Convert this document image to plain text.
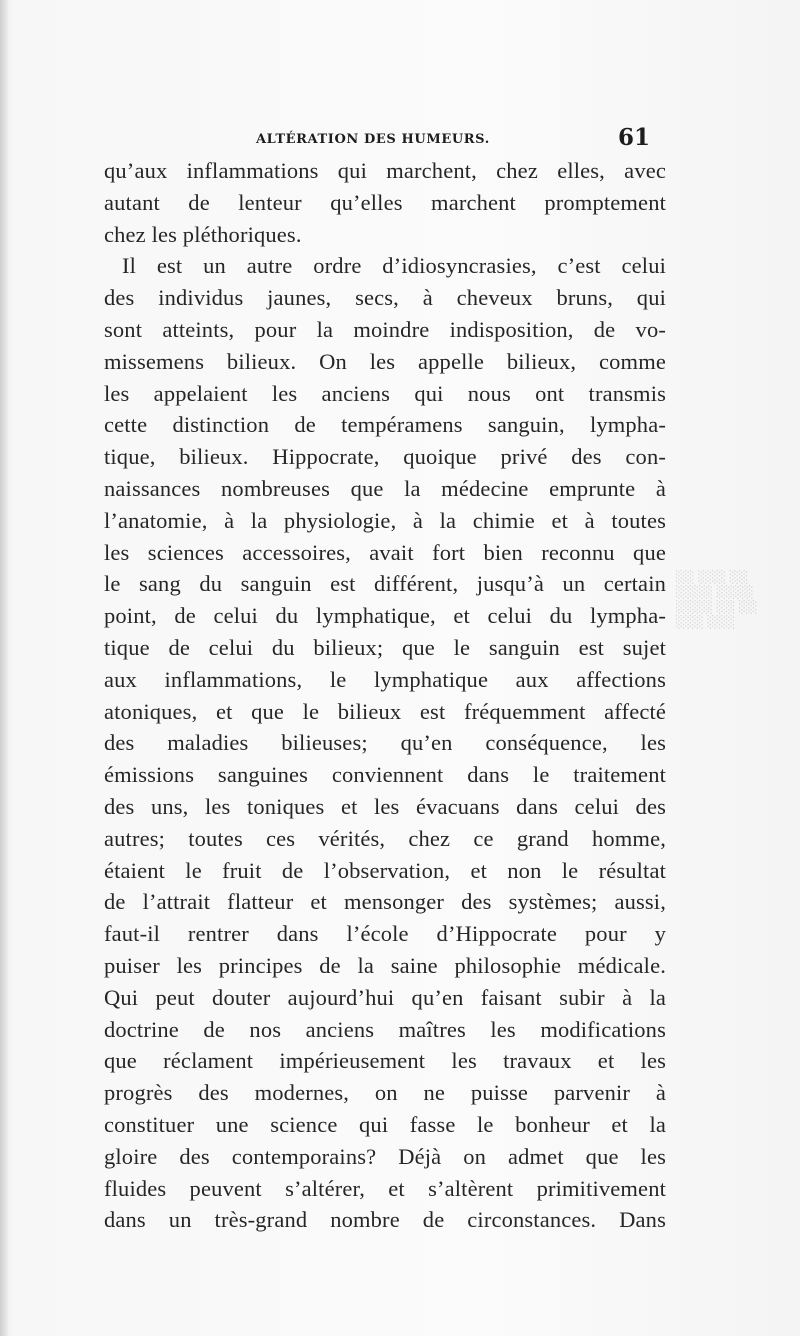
░░ ░░░ ░░
░░░░ ░░░░
░░░░ ░░ ░░
░░░ ░░░
ALTÉRATION DES HUMEURS.	61
qu’aux inflammations qui marchent, chez elles, avec
autant de lenteur qu’elles marchent promptement
chez les pléthoriques.
Il est un autre ordre d’idiosyncrasies, c’est celui
des individus jaunes, secs, à cheveux bruns, qui
sont atteints, pour la moindre indisposition, de vo-
missemens bilieux. On les appelle bilieux, comme
les appelaient les anciens qui nous ont transmis
cette distinction de tempéramens sanguin, lympha-
tique, bilieux. Hippocrate, quoique privé des con-
naissances nombreuses que la médecine emprunte à
l’anatomie, à la physiologie, à la chimie et à toutes
les sciences accessoires, avait fort bien reconnu que
le sang du sanguin est différent, jusqu’à un certain
point, de celui du lymphatique, et celui du lympha-
tique de celui du bilieux; que le sanguin est sujet
aux inflammations, le lymphatique aux affections
atoniques, et que le bilieux est fréquemment affecté
des maladies bilieuses; qu’en conséquence, les
émissions sanguines conviennent dans le traitement
des uns, les toniques et les évacuans dans celui des
autres; toutes ces vérités, chez ce grand homme,
étaient le fruit de l’observation, et non le résultat
de l’attrait flatteur et mensonger des systèmes; aussi,
faut-il rentrer dans l’école d’Hippocrate pour y
puiser les principes de la saine philosophie médicale.
Qui peut douter aujourd’hui qu’en faisant subir à la
doctrine de nos anciens maîtres les modifications
que réclament impérieusement les travaux et les
progrès des modernes, on ne puisse parvenir à
constituer une science qui fasse le bonheur et la
gloire des contemporains? Déjà on admet que les
fluides peuvent s’altérer, et s’altèrent primitivement
dans un très-grand nombre de circonstances. Dans
